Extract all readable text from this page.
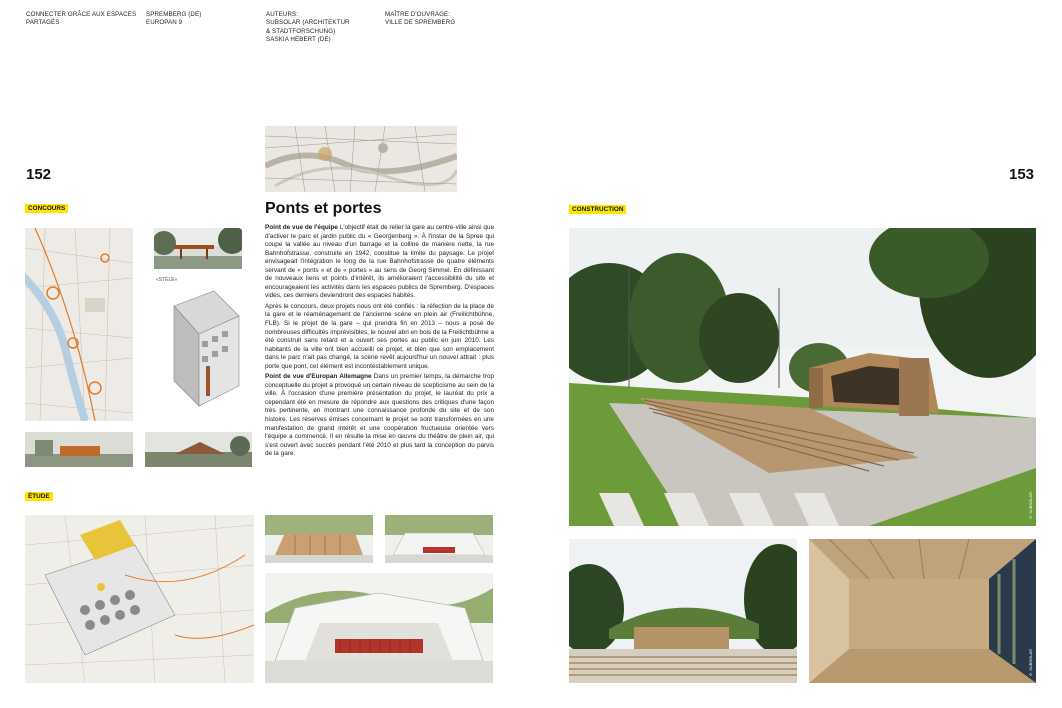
CONNECTER GRÂCE AUX ESPACES
PARTAGÉS
SPREMBERG (DE)
EUROPAN 9
AUTEURS:
SUBSOLAR (ARCHITEKTUR
& STADTFORSCHUNG)
SASKIA HEBERT (DE)
MAÎTRE D'OUVRAGE:
VILLE DE SPREMBERG
152	153
CONCOURS
«STÈLE»
ÉTUDE
Ponts et portes

Point de vue de l'équipe L'objectif était de relier la gare au centre-ville ainsi que d'activer le parc et jardin public du « Georgenberg ». À l'instar de la Spree qui coupe la vallée au niveau d'un barrage et la colline de manière nette, la rue Bahnhofstrasse, construite en 1942, constitue la limite du paysage. Le projet envisageait l'intégration le long de la rue Bahnhofstrasse de quatre éléments servant de « ponts » et de « portes » au sens de Georg Simmel. En définissant de nouveaux liens et points d'intérêt, ils amélioraient l'accessibilité du site et encourageaient les activités dans les espaces publics de Spremberg. D'espaces vides, ces derniers deviendront des espaces habités.

Après le concours, deux projets nous ont été confiés : la réfection de la place de la gare et le réaménagement de l'ancienne scène en plein air (Freilichtbühne, FLB). Si le projet de la gare – qui prendra fin en 2013 – nous a posé de nombreuses difficultés imprévisibles, le nouvel abri en bois de la Freilichtbühne a été construit sans retard et a ouvert ses portes au public en juin 2010. Les habitants de la ville ont bien accueilli ce projet, et bien que son emplacement dans le parc n'ait pas changé, la scène revêt aujourd'hui un nouvel attrait : plus porte que pont, cet élément est incontestablement unique.

Point de vue d'Europan Allemagne Dans un premier temps, la démarche trop conceptuelle du projet a provoqué un certain niveau de scepticisme au sein de la ville. À l'occasion d'une première présentation du projet, le lauréat du prix a cependant été en mesure de répondre aux questions des critiques d'une façon très pertinente, en montrant une connaissance profonde du site et de son histoire. Les réserves émises concernant le projet se sont transformées en une manifestation de grand intérêt et une coopération fructueuse orientée vers l'équipe a commencé. Il en résulte la mise en œuvre du théâtre de plein air, qui s'est ouvert avec succès pendant l'été 2010 et plus tard la conception du parvis de la gare.

CONSTRUCTION
© SUBSOLAR
© SUBSOLAR
